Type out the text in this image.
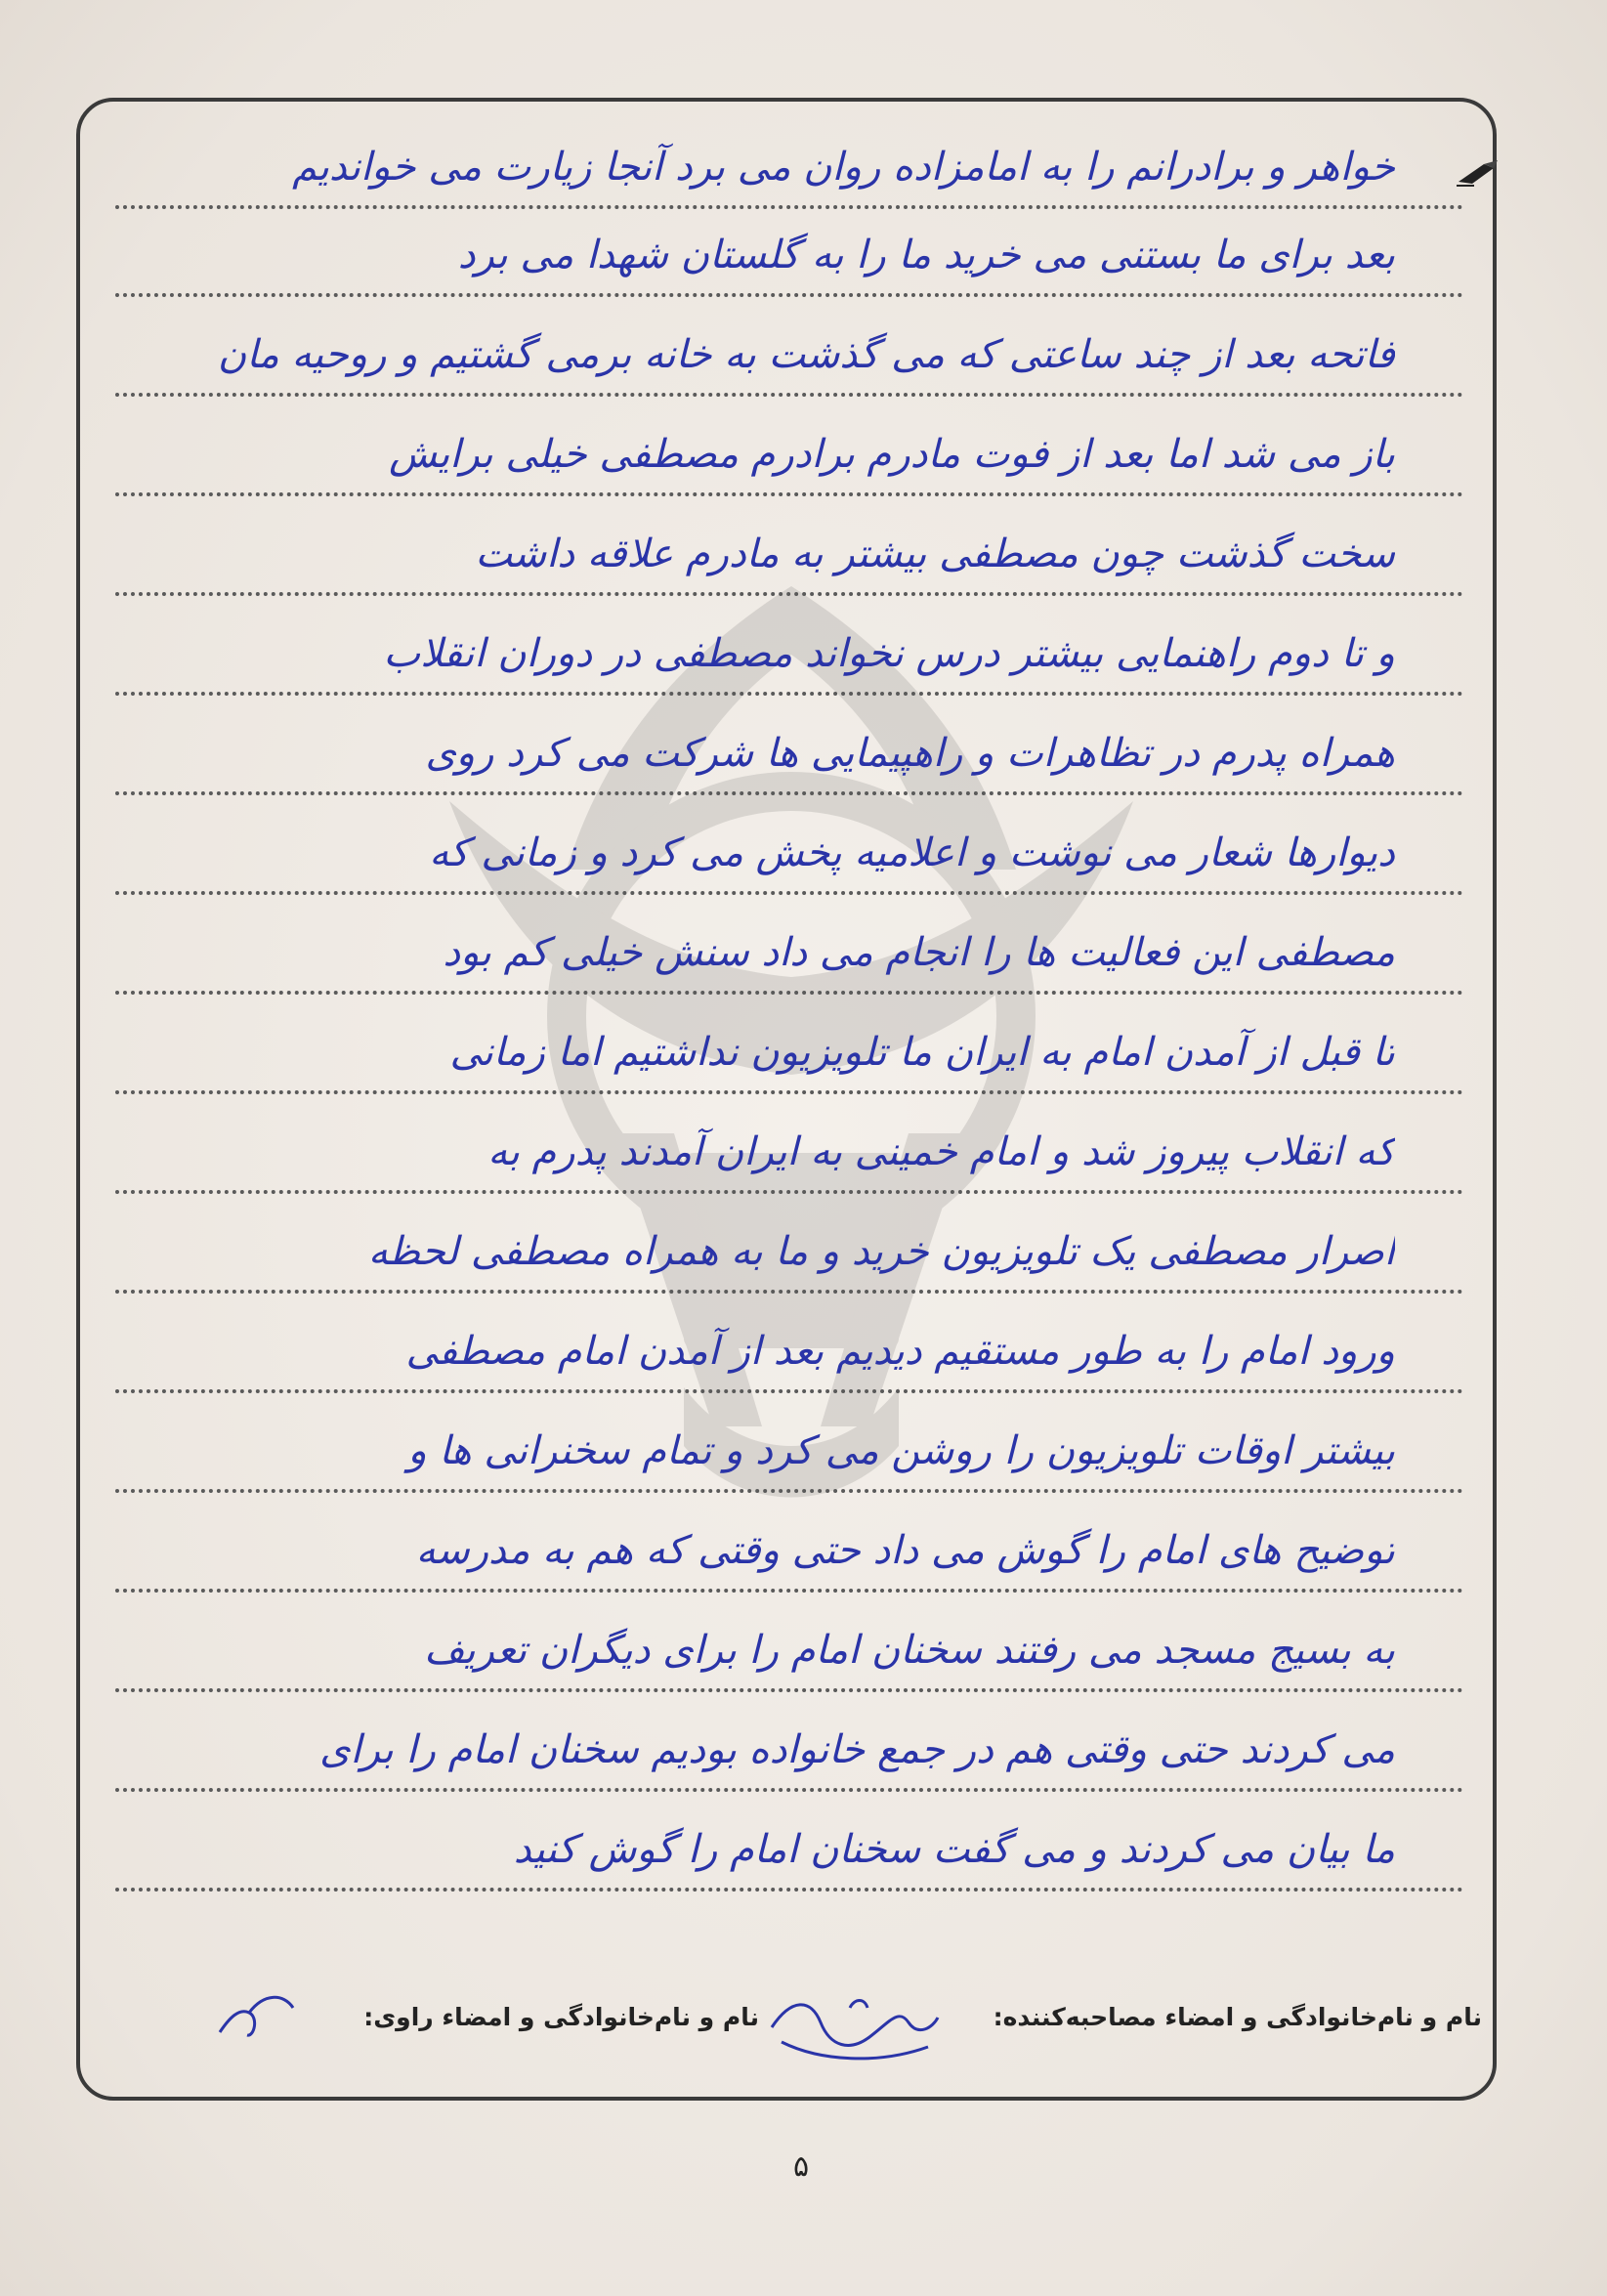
خواهر و برادرانم را به امامزاده روان می برد آنجا زیارت می خواندیم
بعد برای ما بستنی می خرید ما را به گلستان شهدا می برد
فاتحه بعد از چند ساعتی که می گذشت به خانه برمی گشتیم و روحیه مان
باز می شد اما بعد از فوت مادرم برادرم مصطفی خیلی برایش
سخت گذشت چون مصطفی بیشتر به مادرم علاقه داشت
و تا دوم راهنمایی بیشتر درس نخواند مصطفی در دوران انقلاب
همراه پدرم در تظاهرات و راهپیمایی ها شرکت می کرد روی
دیوارها شعار می نوشت و اعلامیه پخش می کرد و زمانی که
مصطفی این فعالیت ها را انجام می داد سنش خیلی کم بود
تا قبل از آمدن امام به ایران ما تلویزیون نداشتیم اما زمانی
که انقلاب پیروز شد و امام خمینی به ایران آمدند پدرم به
اصرار مصطفی یک تلویزیون خرید و ما به همراه مصطفی لحظه
ورود امام را به طور مستقیم دیدیم بعد از آمدن امام مصطفی
بیشتر اوقات تلویزیون را روشن می کرد و تمام سخنرانی ها و
توضیح های امام را گوش می داد حتی وقتی که هم به مدرسه
به بسیج مسجد می رفتند سخنان امام را برای دیگران تعریف
می کردند حتی وقتی هم در جمع خانواده بودیم سخنان امام را برای
ما بیان می کردند و می گفت سخنان امام را گوش کنید
نام و نام‌خانوادگی و امضاء مصاحبه‌کننده:
نام و نام‌خانوادگی و امضاء راوی:
۵
